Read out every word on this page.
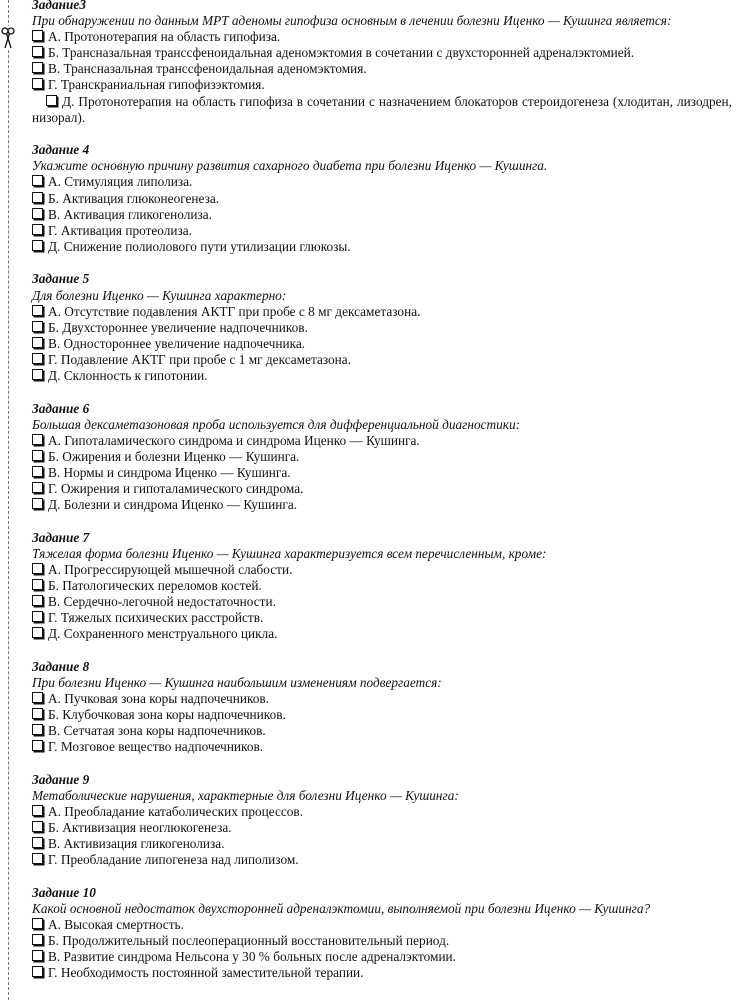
Задание3
При обнаружении по данным МРТ аденомы гипофиза основным в лечении болезни Иценко — Кушинга является:
А. Протонотерапия на область гипофиза.
Б. Трансназальная транссфеноидальная аденомэктомия в сочетании с двухсторонней адреналэктомией.
В. Трансназальная транссфеноидальная аденомэктомия.
Г. Транскраниальная гипофизэктомия.
Д. Протонотерапия на область гипофиза в сочетании с назначением блокаторов стероидогенеза (хлодитан, лизодрен, низорал).
Задание 4
Укажите основную причину развития сахарного диабета при болезни Иценко — Кушинга.
А. Стимуляция липолиза.
Б. Активация глюконеогенеза.
В. Активация гликогенолиза.
Г. Активация протеолиза.
Д. Снижение полиолового пути утилизации глюкозы.
Задание 5
Для болезни Иценко — Кушинга характерно:
А. Отсутствие подавления АКТГ при пробе с 8 мг дексаметазона.
Б. Двухстороннее увеличение надпочечников.
В. Одностороннее увеличение надпочечника.
Г. Подавление АКТГ при пробе с 1 мг дексаметазона.
Д. Склонность к гипотонии.
Задание 6
Большая дексаметазоновая проба используется для дифференциальной диагностики:
А. Гипоталамического синдрома и синдрома Иценко — Кушинга.
Б. Ожирения и болезни Иценко — Кушинга.
В. Нормы и синдрома Иценко — Кушинга.
Г. Ожирения и гипоталамического синдрома.
Д. Болезни и синдрома Иценко — Кушинга.
Задание 7
Тяжелая форма болезни Иценко — Кушинга характеризуется всем перечисленным, кроме:
А. Прогрессирующей мышечной слабости.
Б. Патологических переломов костей.
В. Сердечно-легочной недостаточности.
Г. Тяжелых психических расстройств.
Д. Сохраненного менструального цикла.
Задание 8
При болезни Иценко — Кушинга наибольшим изменениям подвергается:
А. Пучковая зона коры надпочечников.
Б. Клубочковая зона коры надпочечников.
В. Сетчатая зона коры надпочечников.
Г. Мозговое вещество надпочечников.
Задание 9
Метаболические нарушения, характерные для болезни Иценко — Кушинга:
А. Преобладание катаболических процессов.
Б. Активизация неоглюкогенеза.
В. Активизация гликогенолиза.
Г. Преобладание липогенеза над липолизом.
Задание 10
Какой основной недостаток двухсторонней адреналэктомии, выполняемой при болезни Иценко — Кушинга?
А. Высокая смертность.
Б. Продолжительный послеоперационный восстановительный период.
В. Развитие синдрома Нельсона у 30 % больных после адреналэктомии.
Г. Необходимость постоянной заместительной терапии.
